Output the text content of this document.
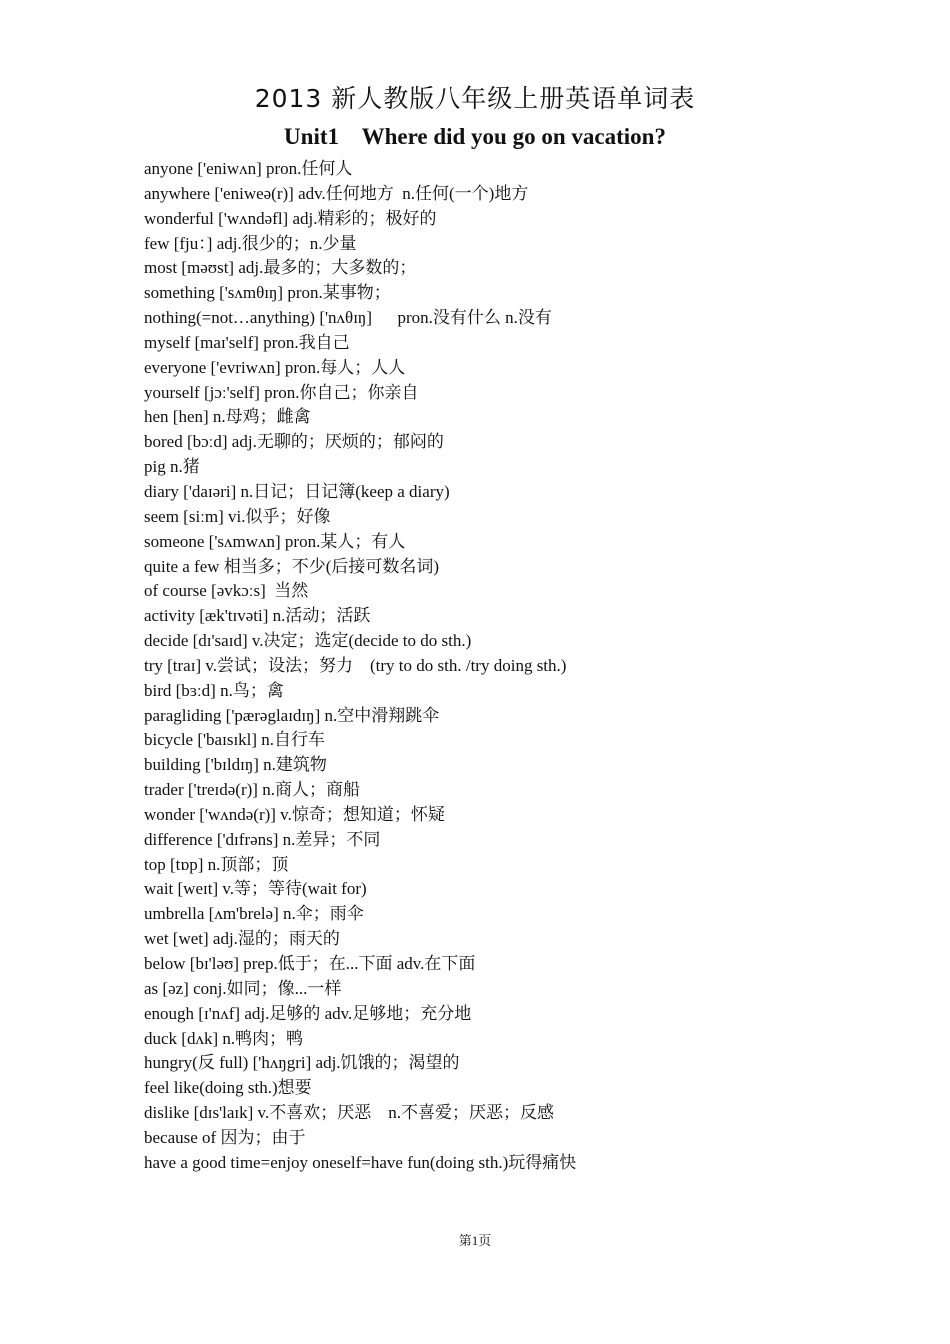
2013 新人教版八年级上册英语单词表
Unit1    Where did you go on vacation?
anyone ['eniwʌn] pron.任何人
anywhere ['eniweə(r)] adv.任何地方  n.任何(一个)地方
wonderful ['wʌndəfl] adj.精彩的；极好的
few [fju：] adj.很少的；n.少量
most [məʊst] adj.最多的；大多数的；
something ['sʌmθɪŋ] pron.某事物；
nothing(=not…anything) ['nʌθɪŋ]      pron.没有什么 n.没有
myself [maɪ'self] pron.我自己
everyone ['evriwʌn] pron.每人；人人
yourself [jɔː'self] pron.你自己；你亲自
hen [hen] n.母鸡；雌禽
bored [bɔːd] adj.无聊的；厌烦的；郁闷的
pig n.猪
diary ['daɪəri] n.日记；日记簿(keep a diary)
seem [siːm] vi.似乎；好像
someone ['sʌmwʌn] pron.某人；有人
quite a few 相当多；不少(后接可数名词)
of course [əvkɔːs]  当然
activity [æk'tɪvəti] n.活动；活跃
decide [dɪ'saɪd] v.决定；选定(decide to do sth.)
try [traɪ] v.尝试；设法；努力    (try to do sth. /try doing sth.)
bird [bɜːd] n.鸟；禽
paragliding ['pærəglaɪdɪŋ] n.空中滑翔跳伞
bicycle ['baɪsɪkl] n.自行车
building ['bɪldɪŋ] n.建筑物
trader ['treɪdə(r)] n.商人；商船
wonder ['wʌndə(r)] v.惊奇；想知道；怀疑
difference ['dɪfrəns] n.差异；不同
top [tɒp] n.顶部；顶
wait [weɪt] v.等；等待(wait for)
umbrella [ʌm'brelə] n.伞；雨伞
wet [wet] adj.湿的；雨天的
below [bɪ'ləʊ] prep.低于；在...下面 adv.在下面
as [əz] conj.如同；像...一样
enough [ɪ'nʌf] adj.足够的 adv.足够地；充分地
duck [dʌk] n.鸭肉；鸭
hungry(反 full) ['hʌŋgri] adj.饥饿的；渴望的
feel like(doing sth.)想要
dislike [dɪs'laɪk] v.不喜欢；厌恶    n.不喜爱；厌恶；反感
because of 因为；由于
have a good time=enjoy oneself=have fun(doing sth.)玩得痛快
第1页
